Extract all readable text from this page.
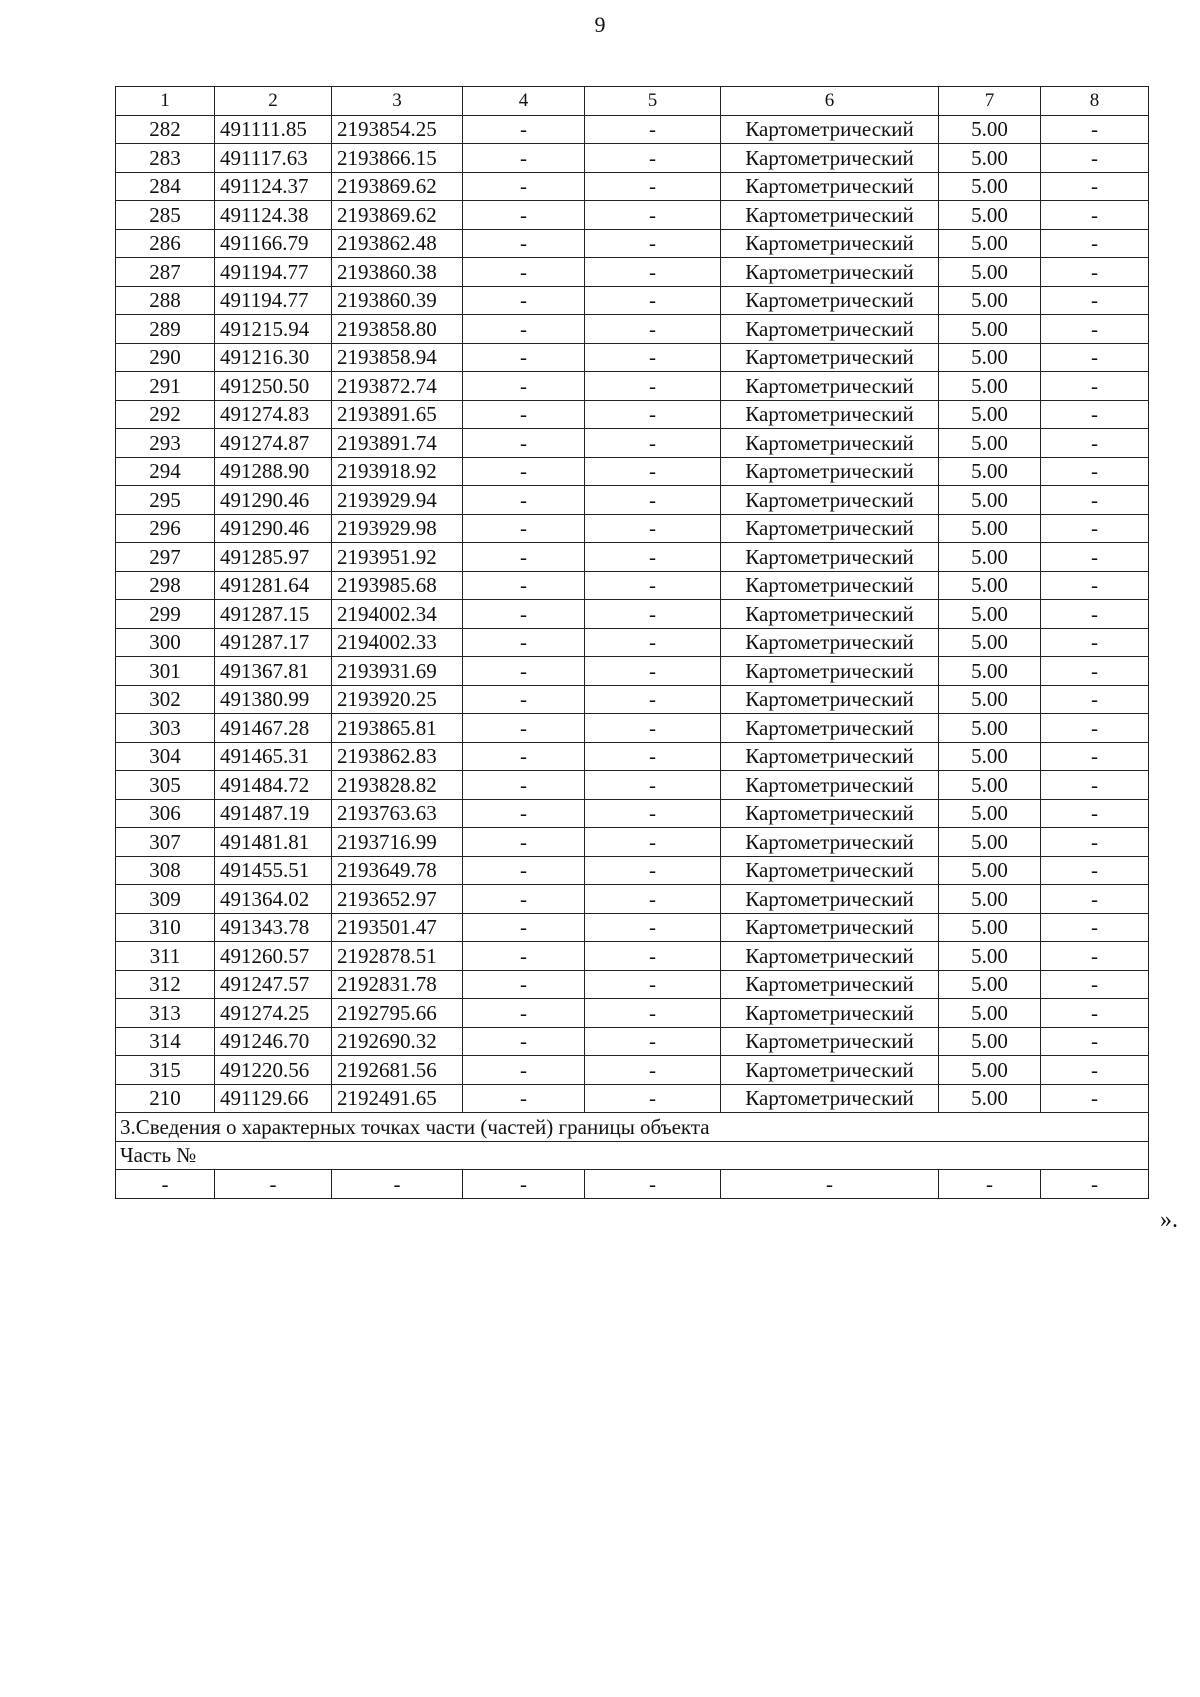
9
1	2	3	4	5	6	7	8
282	491111.85	2193854.25	-	-	Картометрический	5.00	-
283	491117.63	2193866.15	-	-	Картометрический	5.00	-
284	491124.37	2193869.62	-	-	Картометрический	5.00	-
285	491124.38	2193869.62	-	-	Картометрический	5.00	-
286	491166.79	2193862.48	-	-	Картометрический	5.00	-
287	491194.77	2193860.38	-	-	Картометрический	5.00	-
288	491194.77	2193860.39	-	-	Картометрический	5.00	-
289	491215.94	2193858.80	-	-	Картометрический	5.00	-
290	491216.30	2193858.94	-	-	Картометрический	5.00	-
291	491250.50	2193872.74	-	-	Картометрический	5.00	-
292	491274.83	2193891.65	-	-	Картометрический	5.00	-
293	491274.87	2193891.74	-	-	Картометрический	5.00	-
294	491288.90	2193918.92	-	-	Картометрический	5.00	-
295	491290.46	2193929.94	-	-	Картометрический	5.00	-
296	491290.46	2193929.98	-	-	Картометрический	5.00	-
297	491285.97	2193951.92	-	-	Картометрический	5.00	-
298	491281.64	2193985.68	-	-	Картометрический	5.00	-
299	491287.15	2194002.34	-	-	Картометрический	5.00	-
300	491287.17	2194002.33	-	-	Картометрический	5.00	-
301	491367.81	2193931.69	-	-	Картометрический	5.00	-
302	491380.99	2193920.25	-	-	Картометрический	5.00	-
303	491467.28	2193865.81	-	-	Картометрический	5.00	-
304	491465.31	2193862.83	-	-	Картометрический	5.00	-
305	491484.72	2193828.82	-	-	Картометрический	5.00	-
306	491487.19	2193763.63	-	-	Картометрический	5.00	-
307	491481.81	2193716.99	-	-	Картометрический	5.00	-
308	491455.51	2193649.78	-	-	Картометрический	5.00	-
309	491364.02	2193652.97	-	-	Картометрический	5.00	-
310	491343.78	2193501.47	-	-	Картометрический	5.00	-
311	491260.57	2192878.51	-	-	Картометрический	5.00	-
312	491247.57	2192831.78	-	-	Картометрический	5.00	-
313	491274.25	2192795.66	-	-	Картометрический	5.00	-
314	491246.70	2192690.32	-	-	Картометрический	5.00	-
315	491220.56	2192681.56	-	-	Картометрический	5.00	-
210	491129.66	2192491.65	-	-	Картометрический	5.00	-
3.Сведения о характерных точках части (частей) границы объекта							
Часть №							
-	-	-	-	-	-	-	-
».
